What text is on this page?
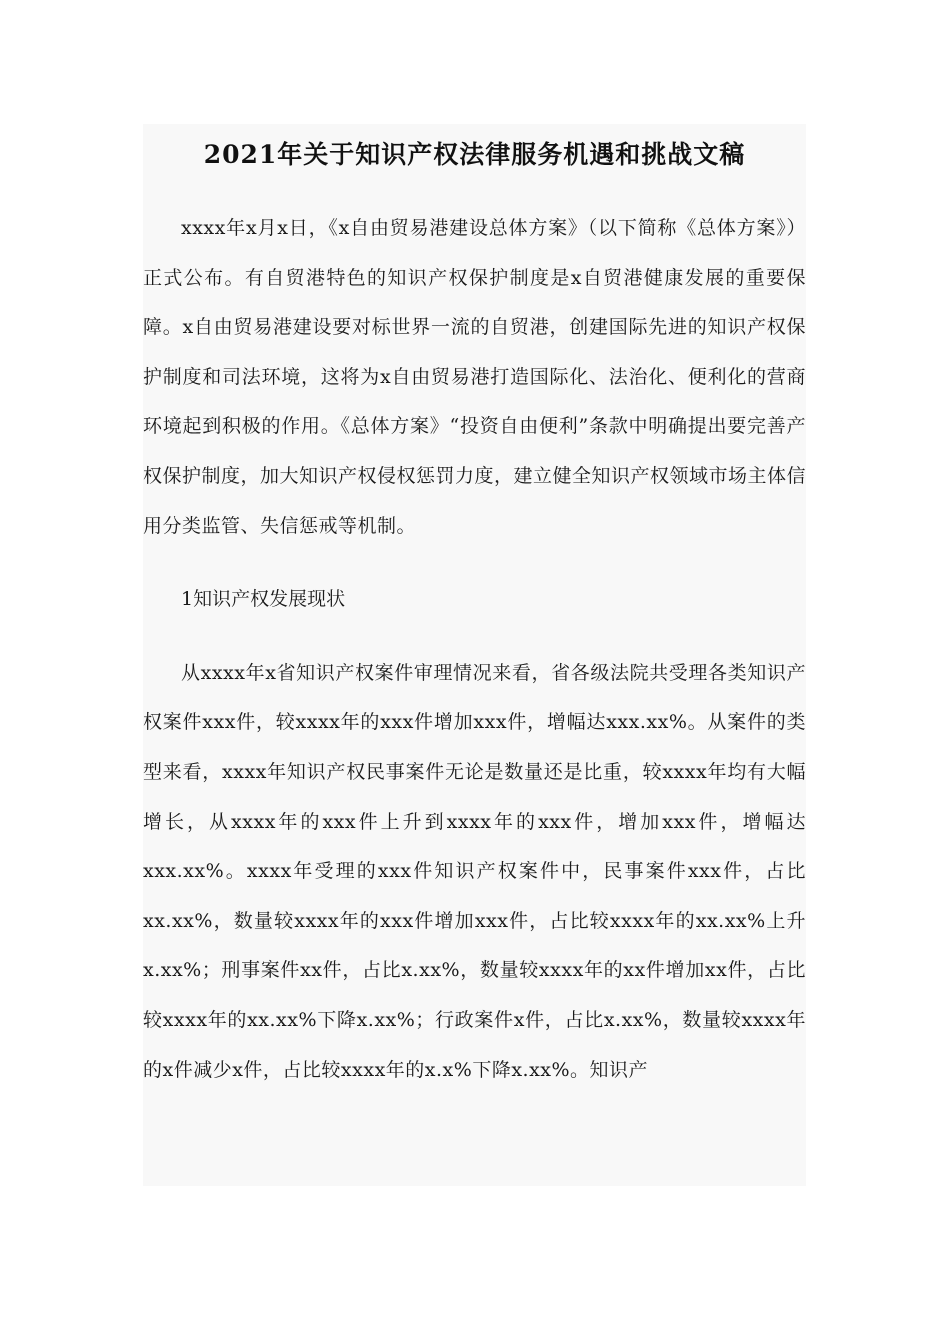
2021年关于知识产权法律服务机遇和挑战文稿

xxxx年x月x日，《x自由贸易港建设总体方案》（以下简称《总体方案》）正式公布。有自贸港特色的知识产权保护制度是x自贸港健康发展的重要保障。x自由贸易港建设要对标世界一流的自贸港，创建国际先进的知识产权保护制度和司法环境，这将为x自由贸易港打造国际化、法治化、便利化的营商环境起到积极的作用。《总体方案》“投资自由便利”条款中明确提出要完善产权保护制度，加大知识产权侵权惩罚力度，建立健全知识产权领域市场主体信用分类监管、失信惩戒等机制。

1知识产权发展现状

从xxxx年x省知识产权案件审理情况来看，省各级法院共受理各类知识产权案件xxx件，较xxxx年的xxx件增加xxx件，增幅达xxx.xx%。从案件的类型来看，xxxx年知识产权民事案件无论是数量还是比重，较xxxx年均有大幅增长，从xxxx年的xxx件上升到xxxx年的xxx件，增加xxx件，增幅达xxx.xx%。xxxx年受理的xxx件知识产权案件中，民事案件xxx件，占比xx.xx%，数量较xxxx年的xxx件增加xxx件，占比较xxxx年的xx.xx%上升x.xx%；刑事案件xx件，占比x.xx%，数量较xxxx年的xx件增加xx件，占比较xxxx年的xx.xx%下降x.xx%；行政案件x件，占比x.xx%，数量较xxxx年的x件减少x件，占比较xxxx年的x.x%下降x.xx%。知识产
